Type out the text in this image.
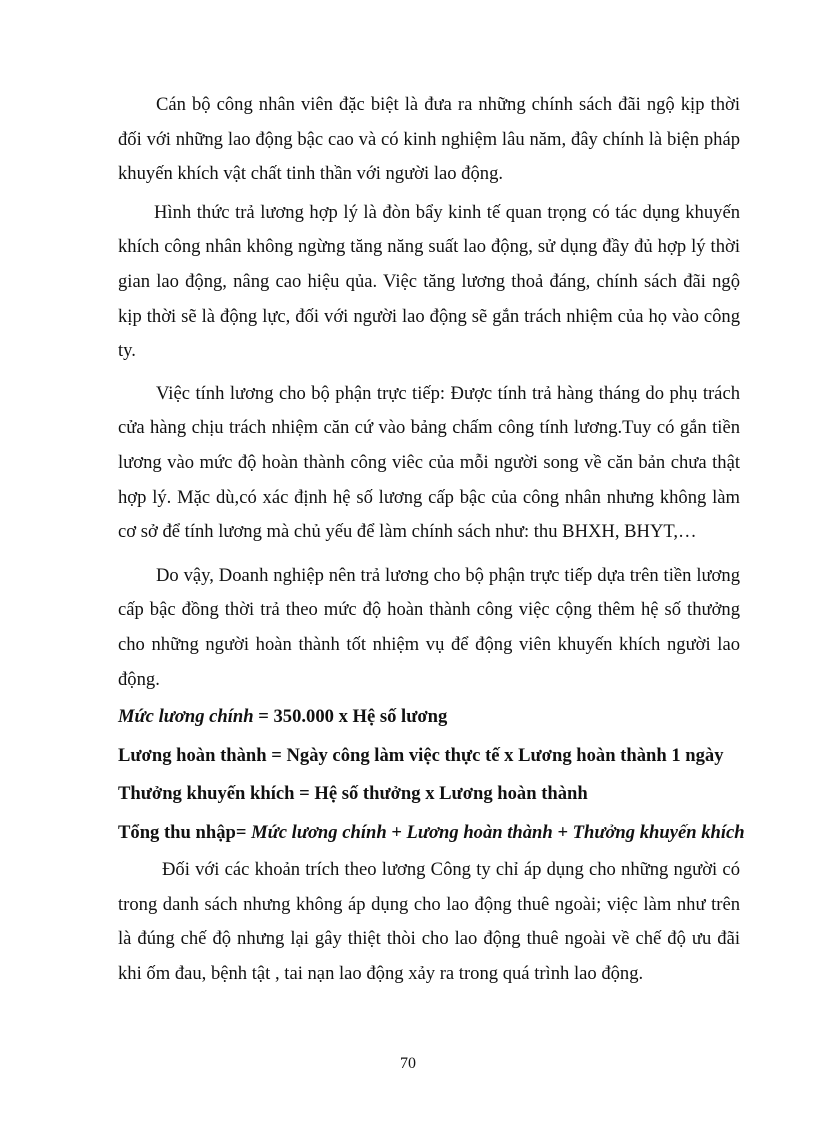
Cán bộ công nhân viên đặc biệt là đưa ra những chính sách đãi ngộ kịp thời đối với những lao động bậc cao và có kinh nghiệm lâu năm, đây chính là biện pháp khuyến khích vật chất tinh thần với người lao động.

Hình thức trả lương hợp lý là đòn bẩy kinh tế quan trọng có tác dụng khuyến khích công nhân không ngừng tăng năng suất lao động, sử dụng đầy đủ hợp lý thời gian lao động, nâng cao hiệu qủa. Việc tăng lương thoả đáng, chính sách đãi ngộ kịp thời sẽ là động lực, đối với người lao động sẽ gắn trách nhiệm của họ vào công ty.

Việc tính lương cho bộ phận trực tiếp: Được tính trả hàng tháng do phụ trách cửa hàng chịu trách nhiệm căn cứ vào bảng chấm công tính lương.Tuy có gắn tiền lương vào mức độ hoàn thành công viêc của mỗi người song về căn bản chưa thật hợp lý. Mặc dù,có xác định hệ số lương cấp bậc của công nhân nhưng không làm cơ sở để tính lương mà chủ yếu để làm chính sách như: thu BHXH, BHYT,…

Do vậy, Doanh nghiệp nên trả lương cho bộ phận trực tiếp dựa trên tiền lương cấp bậc đồng thời trả theo mức độ hoàn thành công việc cộng thêm hệ số thưởng cho những người hoàn thành tốt nhiệm vụ để động viên khuyến khích người lao động.

Mức lương chính = 350.000 x Hệ số lương

Lương hoàn thành = Ngày công làm việc thực tế x Lương hoàn thành 1 ngày

Thưởng khuyến khích = Hệ số thưởng x Lương hoàn thành

Tổng thu nhập= Mức lương chính + Lương hoàn thành + Thưởng khuyến khích

Đối với các khoản trích theo lương Công ty chỉ áp dụng cho những người có trong danh sách nhưng không áp dụng cho lao động thuê ngoài; việc làm như trên là đúng chế độ nhưng lại gây thiệt thòi cho lao động thuê ngoài về chế độ ưu đãi khi ốm đau, bệnh tật , tai nạn lao động xảy ra trong quá trình lao động.

70
